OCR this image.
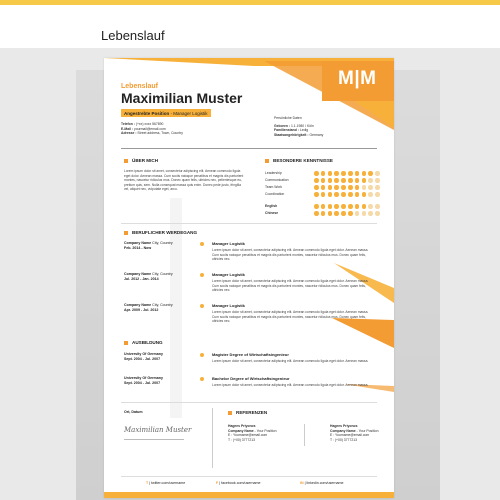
Lebenslauf
M|M
Lebenslauf
Maximilian Muster
Angestrebte Position - Manager Logistik
Telefon : (+xx) xxxx 567890
E-Mail : yourmail@email.com
Adresse : Street address, Town, Country
Persönliche Daten
Geboren : 1.1.1980 / Köln
Familienstand : Ledig
Staatsangehörigkeit : Germany
ÜBER MICH
Lorem ipsum dolor sit amet, consectetur adipiscing elit. Aenean commodo ligula eget dolor. Aenean massa. Cum sociis natoque penatibus et magnis dis parturient montes, nascetur ridiculus mus. Donec quam felis, ultricies nec, pellentesque eu, pretium quis, sem. Nulla consequat massa quis enim. Donec pede justo, fringilla vel, aliquet nec, vulputate eget, arcu.
BESONDERE KENNTNISSE
Leadership
Communication
Team Work
Coordination
English
Chinese
BERUFLICHER WERDEGANG
Company Name City, Country
Feb. 2014 - Now
Manager Logistik
Lorem ipsum dolor sit amet, consectetur adipiscing elit. Aenean commodo ligula eget dolor. Aenean massa. Cum sociis natoque penatibus et magnis dis parturient montes, nascetur ridiculus mus. Donec quam felis, ultricies nec.
Company Name City, Country
Jul. 2012 - Jan. 2014
Manager Logistik
Lorem ipsum dolor sit amet, consectetur adipiscing elit. Aenean commodo ligula eget dolor. Aenean massa. Cum sociis natoque penatibus et magnis dis parturient montes, nascetur ridiculus mus. Donec quam felis, ultricies nec.
Company Name City, Country
Apr. 2009 - Jul. 2012
Manager Logistik
Lorem ipsum dolor sit amet, consectetur adipiscing elit. Aenean commodo ligula eget dolor. Aenean massa. Cum sociis natoque penatibus et magnis dis parturient montes, nascetur ridiculus mus. Donec quam felis, ultricies nec.
AUSBILDUNG
University Of Germany
Sept. 2004 - Jul. 2007
Magister Degree of Wirtschaftsingenieur
Lorem ipsum dolor sit amet, consectetur adipiscing elit. Aenean commodo ligula eget dolor. Aenean massa.
University Of Germany
Sept. 2004 - Jul. 2007
Bachelor Degree of Wirtschaftsingenieur
Lorem ipsum dolor sit amet, consectetur adipiscing elit. Aenean commodo ligula eget dolor. Aenean massa.
Ort, Datum
Maximilian Muster
REFERENZEN
Hagees Priyonos
Company Name - Your Position
E : Yourname@email.com
T : (+00) 3777213
Hagees Priyonos
Company Name - Your Position
E : Yourname@email.com
T : (+00) 3777213
T | twitter.com/username	F | facebook.com/username	IN | linkedin.com/username
